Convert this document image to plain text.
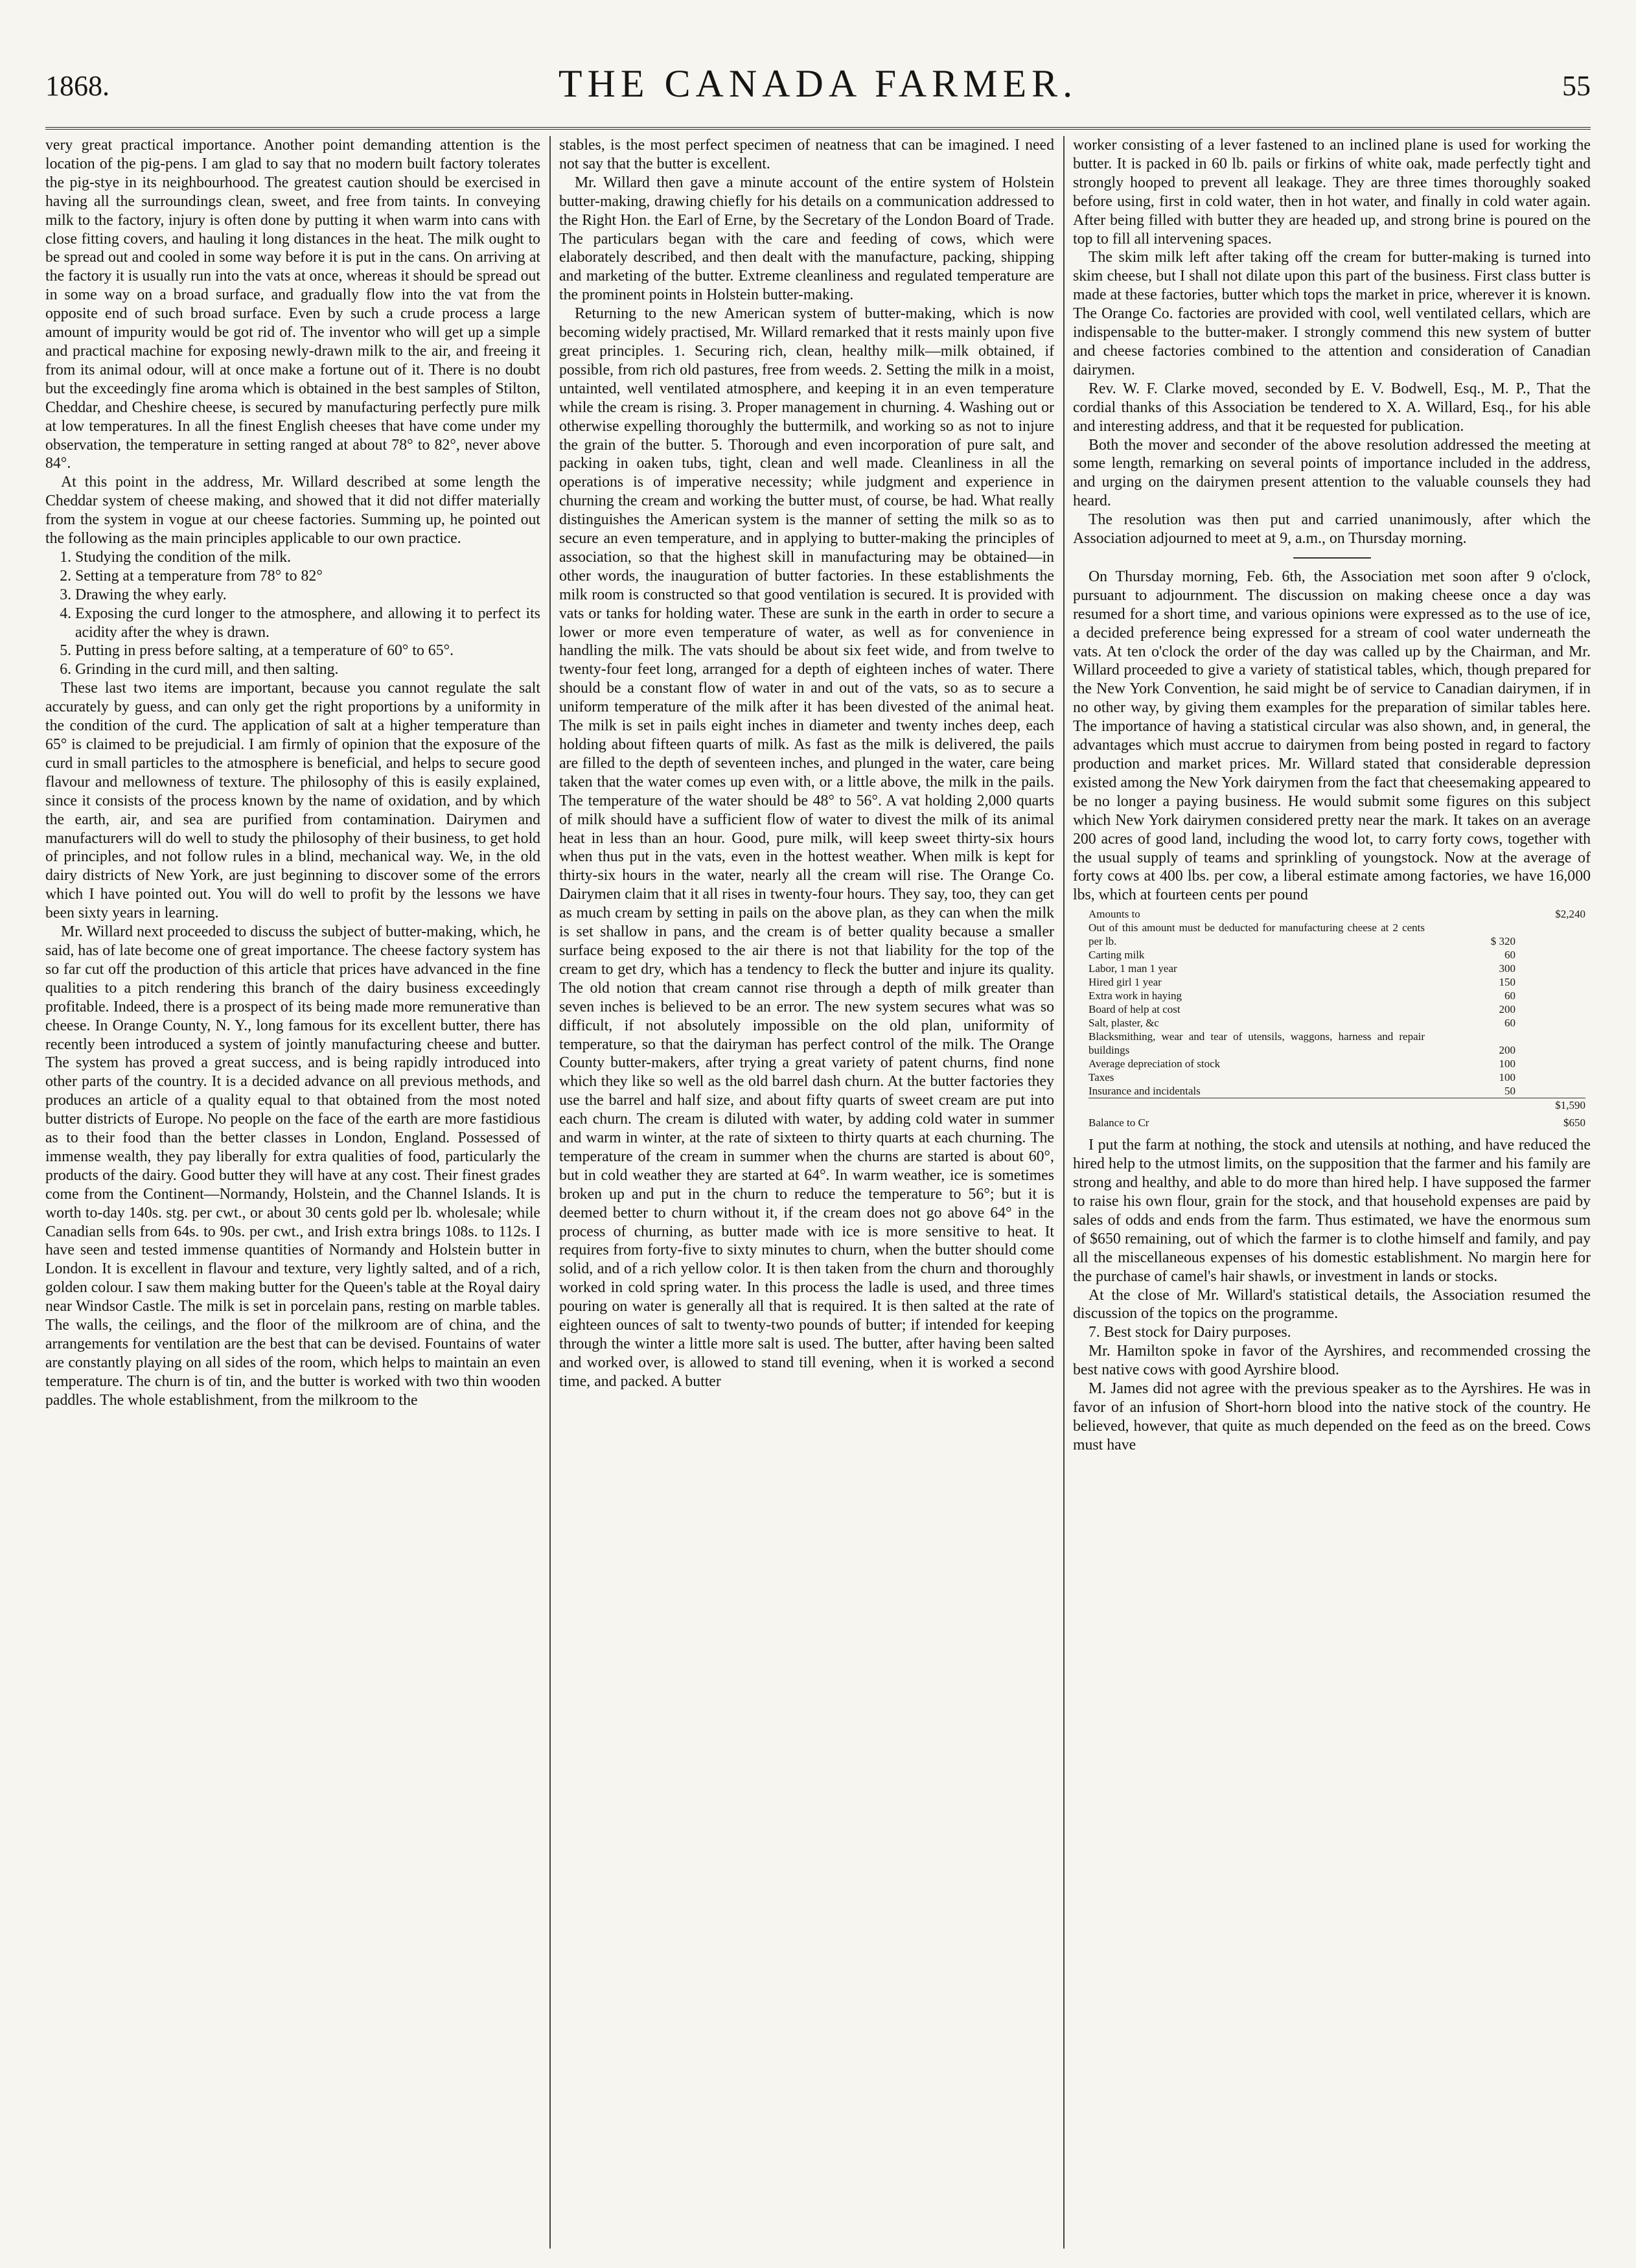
1868.	THE CANADA FARMER.	55

very great practical importance. Another point demanding attention is the location of the pig-pens. I am glad to say that no modern built factory tolerates the pig-stye in its neighbourhood. The greatest caution should be exercised in having all the surroundings clean, sweet, and free from taints. In conveying milk to the factory, injury is often done by putting it when warm into cans with close fitting covers, and hauling it long distances in the heat. The milk ought to be spread out and cooled in some way before it is put in the cans. On arriving at the factory it is usually run into the vats at once, whereas it should be spread out in some way on a broad surface, and gradually flow into the vat from the opposite end of such broad surface. Even by such a crude process a large amount of impurity would be got rid of. The inventor who will get up a simple and practical machine for exposing newly-drawn milk to the air, and freeing it from its animal odour, will at once make a fortune out of it. There is no doubt but the exceedingly fine aroma which is obtained in the best samples of Stilton, Cheddar, and Cheshire cheese, is secured by manufacturing perfectly pure milk at low temperatures. In all the finest English cheeses that have come under my observation, the temperature in setting ranged at about 78° to 82°, never above 84°.

At this point in the address, Mr. Willard described at some length the Cheddar system of cheese making, and showed that it did not differ materially from the system in vogue at our cheese factories. Summing up, he pointed out the following as the main principles applicable to our own practice.

1. Studying the condition of the milk.
2. Setting at a temperature from 78° to 82°
3. Drawing the whey early.
4. Exposing the curd longer to the atmosphere, and allowing it to perfect its acidity after the whey is drawn.
5. Putting in press before salting, at a temperature of 60° to 65°.
6. Grinding in the curd mill, and then salting.

These last two items are important, because you cannot regulate the salt accurately by guess, and can only get the right proportions by a uniformity in the condition of the curd. The application of salt at a higher temperature than 65° is claimed to be prejudicial. I am firmly of opinion that the exposure of the curd in small particles to the atmosphere is beneficial, and helps to secure good flavour and mellowness of texture. The philosophy of this is easily explained, since it consists of the process known by the name of oxidation, and by which the earth, air, and sea are purified from contamination. Dairymen and manufacturers will do well to study the philosophy of their business, to get hold of principles, and not follow rules in a blind, mechanical way. We, in the old dairy districts of New York, are just beginning to discover some of the errors which I have pointed out. You will do well to profit by the lessons we have been sixty years in learning.

Mr. Willard next proceeded to discuss the subject of butter-making, which, he said, has of late become one of great importance. The cheese factory system has so far cut off the production of this article that prices have advanced in the fine qualities to a pitch rendering this branch of the dairy business exceedingly profitable. Indeed, there is a prospect of its being made more remunerative than cheese. In Orange County, N. Y., long famous for its excellent butter, there has recently been introduced a system of jointly manufacturing cheese and butter. The system has proved a great success, and is being rapidly introduced into other parts of the country. It is a decided advance on all previous methods, and produces an article of a quality equal to that obtained from the most noted butter districts of Europe. No people on the face of the earth are more fastidious as to their food than the better classes in London, England. Possessed of immense wealth, they pay liberally for extra qualities of food, particularly the products of the dairy. Good butter they will have at any cost. Their finest grades come from the Continent—Normandy, Holstein, and the Channel Islands. It is worth to-day 140s. stg. per cwt., or about 30 cents gold per lb. wholesale; while Canadian sells from 64s. to 90s. per cwt., and Irish extra brings 108s. to 112s. I have seen and tested immense quantities of Normandy and Holstein butter in London. It is excellent in flavour and texture, very lightly salted, and of a rich, golden colour. I saw them making butter for the Queen's table at the Royal dairy near Windsor Castle. The milk is set in porcelain pans, resting on marble tables. The walls, the ceilings, and the floor of the milkroom are of china, and the arrangements for ventilation are the best that can be devised. Fountains of water are constantly playing on all sides of the room, which helps to maintain an even temperature. The churn is of tin, and the butter is worked with two thin wooden paddles. The whole establishment, from the milkroom to the

stables, is the most perfect specimen of neatness that can be imagined. I need not say that the butter is excellent.

Mr. Willard then gave a minute account of the entire system of Holstein butter-making, drawing chiefly for his details on a communication addressed to the Right Hon. the Earl of Erne, by the Secretary of the London Board of Trade. The particulars began with the care and feeding of cows, which were elaborately described, and then dealt with the manufacture, packing, shipping and marketing of the butter. Extreme cleanliness and regulated temperature are the prominent points in Holstein butter-making.

Returning to the new American system of butter-making, which is now becoming widely practised, Mr. Willard remarked that it rests mainly upon five great principles. 1. Securing rich, clean, healthy milk—milk obtained, if possible, from rich old pastures, free from weeds. 2. Setting the milk in a moist, untainted, well ventilated atmosphere, and keeping it in an even temperature while the cream is rising. 3. Proper management in churning. 4. Washing out or otherwise expelling thoroughly the buttermilk, and working so as not to injure the grain of the butter. 5. Thorough and even incorporation of pure salt, and packing in oaken tubs, tight, clean and well made. Cleanliness in all the operations is of imperative necessity; while judgment and experience in churning the cream and working the butter must, of course, be had. What really distinguishes the American system is the manner of setting the milk so as to secure an even temperature, and in applying to butter-making the principles of association, so that the highest skill in manufacturing may be obtained—in other words, the inauguration of butter factories. In these establishments the milk room is constructed so that good ventilation is secured. It is provided with vats or tanks for holding water. These are sunk in the earth in order to secure a lower or more even temperature of water, as well as for convenience in handling the milk. The vats should be about six feet wide, and from twelve to twenty-four feet long, arranged for a depth of eighteen inches of water. There should be a constant flow of water in and out of the vats, so as to secure a uniform temperature of the milk after it has been divested of the animal heat. The milk is set in pails eight inches in diameter and twenty inches deep, each holding about fifteen quarts of milk. As fast as the milk is delivered, the pails are filled to the depth of seventeen inches, and plunged in the water, care being taken that the water comes up even with, or a little above, the milk in the pails. The temperature of the water should be 48° to 56°. A vat holding 2,000 quarts of milk should have a sufficient flow of water to divest the milk of its animal heat in less than an hour. Good, pure milk, will keep sweet thirty-six hours when thus put in the vats, even in the hottest weather. When milk is kept for thirty-six hours in the water, nearly all the cream will rise. The Orange Co. Dairymen claim that it all rises in twenty-four hours. They say, too, they can get as much cream by setting in pails on the above plan, as they can when the milk is set shallow in pans, and the cream is of better quality because a smaller surface being exposed to the air there is not that liability for the top of the cream to get dry, which has a tendency to fleck the butter and injure its quality. The old notion that cream cannot rise through a depth of milk greater than seven inches is believed to be an error. The new system secures what was so difficult, if not absolutely impossible on the old plan, uniformity of temperature, so that the dairyman has perfect control of the milk. The Orange County butter-makers, after trying a great variety of patent churns, find none which they like so well as the old barrel dash churn. At the butter factories they use the barrel and half size, and about fifty quarts of sweet cream are put into each churn. The cream is diluted with water, by adding cold water in summer and warm in winter, at the rate of sixteen to thirty quarts at each churning. The temperature of the cream in summer when the churns are started is about 60°, but in cold weather they are started at 64°. In warm weather, ice is sometimes broken up and put in the churn to reduce the temperature to 56°; but it is deemed better to churn without it, if the cream does not go above 64° in the process of churning, as butter made with ice is more sensitive to heat. It requires from forty-five to sixty minutes to churn, when the butter should come solid, and of a rich yellow color. It is then taken from the churn and thoroughly worked in cold spring water. In this process the ladle is used, and three times pouring on water is generally all that is required. It is then salted at the rate of eighteen ounces of salt to twenty-two pounds of butter; if intended for keeping through the winter a little more salt is used. The butter, after having been salted and worked over, is allowed to stand till evening, when it is worked a second time, and packed. A butter

worker consisting of a lever fastened to an inclined plane is used for working the butter. It is packed in 60 lb. pails or firkins of white oak, made perfectly tight and strongly hooped to prevent all leakage. They are three times thoroughly soaked before using, first in cold water, then in hot water, and finally in cold water again. After being filled with butter they are headed up, and strong brine is poured on the top to fill all intervening spaces.

The skim milk left after taking off the cream for butter-making is turned into skim cheese, but I shall not dilate upon this part of the business. First class butter is made at these factories, butter which tops the market in price, wherever it is known. The Orange Co. factories are provided with cool, well ventilated cellars, which are indispensable to the butter-maker. I strongly commend this new system of butter and cheese factories combined to the attention and consideration of Canadian dairymen.

Rev. W. F. Clarke moved, seconded by E. V. Bodwell, Esq., M. P., That the cordial thanks of this Association be tendered to X. A. Willard, Esq., for his able and interesting address, and that it be requested for publication.

Both the mover and seconder of the above resolution addressed the meeting at some length, remarking on several points of importance included in the address, and urging on the dairymen present attention to the valuable counsels they had heard.

The resolution was then put and carried unanimously, after which the Association adjourned to meet at 9, a.m., on Thursday morning.

On Thursday morning, Feb. 6th, the Association met soon after 9 o'clock, pursuant to adjournment. The discussion on making cheese once a day was resumed for a short time, and various opinions were expressed as to the use of ice, a decided preference being expressed for a stream of cool water underneath the vats. At ten o'clock the order of the day was called up by the Chairman, and Mr. Willard proceeded to give a variety of statistical tables, which, though prepared for the New York Convention, he said might be of service to Canadian dairymen, if in no other way, by giving them examples for the preparation of similar tables here. The importance of having a statistical circular was also shown, and, in general, the advantages which must accrue to dairymen from being posted in regard to factory production and market prices. Mr. Willard stated that considerable depression existed among the New York dairymen from the fact that cheesemaking appeared to be no longer a paying business. He would submit some figures on this subject which New York dairymen considered pretty near the mark. It takes on an average 200 acres of good land, including the wood lot, to carry forty cows, together with the usual supply of teams and sprinkling of youngstock. Now at the average of forty cows at 400 lbs. per cow, a liberal estimate among factories, we have 16,000 lbs, which at fourteen cents per pound

Amounts to		$2,240
Out of this amount must be deducted for manufacturing cheese at 2 cents per lb.	$ 320	
Carting milk	60	
Labor, 1 man 1 year	300	
Hired girl 1 year	150	
Extra work in haying	60	
Board of help at cost	200	
Salt, plaster, &c	60	
Blacksmithing, wear and tear of utensils, waggons, harness and repair buildings	200	
Average depreciation of stock	100	
Taxes	100	
Insurance and incidentals	50	
		$1,590
Balance to Cr		$650

I put the farm at nothing, the stock and utensils at nothing, and have reduced the hired help to the utmost limits, on the supposition that the farmer and his family are strong and healthy, and able to do more than hired help. I have supposed the farmer to raise his own flour, grain for the stock, and that household expenses are paid by sales of odds and ends from the farm. Thus estimated, we have the enormous sum of $650 remaining, out of which the farmer is to clothe himself and family, and pay all the miscellaneous expenses of his domestic establishment. No margin here for the purchase of camel's hair shawls, or investment in lands or stocks.

At the close of Mr. Willard's statistical details, the Association resumed the discussion of the topics on the programme.

7. Best stock for Dairy purposes.

Mr. Hamilton spoke in favor of the Ayrshires, and recommended crossing the best native cows with good Ayrshire blood.

M. James did not agree with the previous speaker as to the Ayrshires. He was in favor of an infusion of Short-horn blood into the native stock of the country. He believed, however, that quite as much depended on the feed as on the breed. Cows must have
